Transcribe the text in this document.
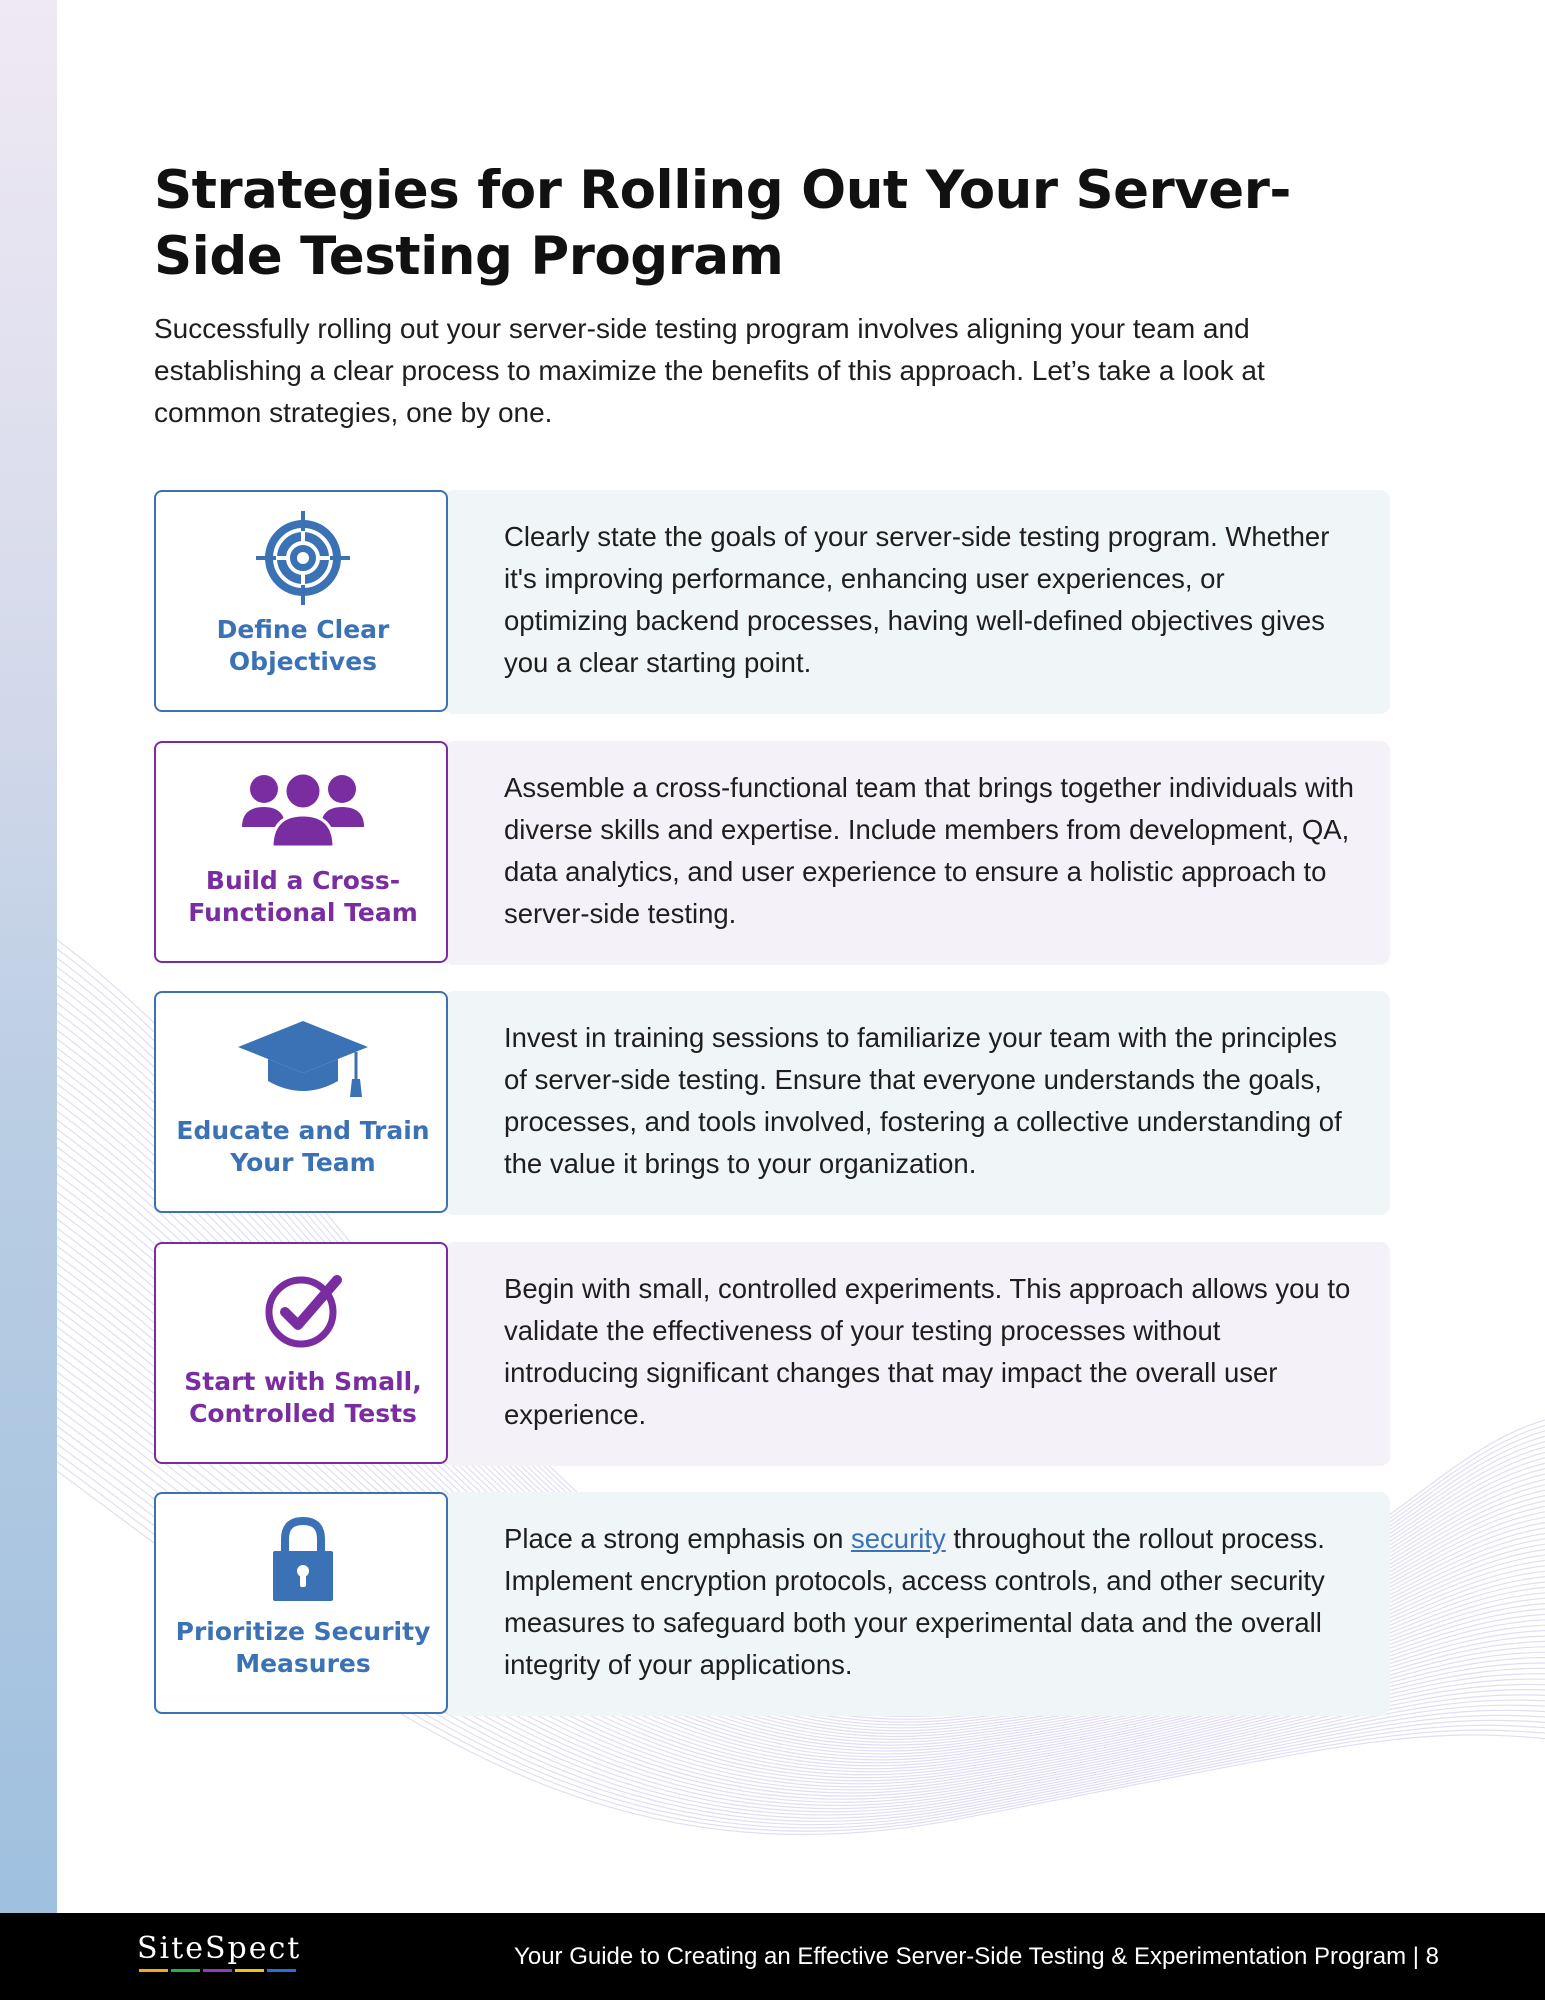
Strategies for Rolling Out Your Server-Side Testing Program

Successfully rolling out your server-side testing program involves aligning your team and establishing a clear process to maximize the benefits of this approach. Let’s take a look at common strategies, one by one.

Define Clear Objectives

Clearly state the goals of your server-side testing program. Whether it's improving performance, enhancing user experiences, or optimizing backend processes, having well-defined objectives gives you a clear starting point.

Build a Cross-Functional Team

Assemble a cross-functional team that brings together individuals with diverse skills and expertise. Include members from development, QA, data analytics, and user experience to ensure a holistic approach to server-side testing.

Educate and Train Your Team

Invest in training sessions to familiarize your team with the principles of server-side testing. Ensure that everyone understands the goals, processes, and tools involved, fostering a collective understanding of the value it brings to your organization.

Start with Small, Controlled Tests

Begin with small, controlled experiments. This approach allows you to validate the effectiveness of your testing processes without introducing significant changes that may impact the overall user experience.

Prioritize Security Measures

Place a strong emphasis on security throughout the rollout process. Implement encryption protocols, access controls, and other security measures to safeguard both your experimental data and the overall integrity of your applications.

SiteSpect	Your Guide to Creating an Effective Server-Side Testing & Experimentation Program | 8
